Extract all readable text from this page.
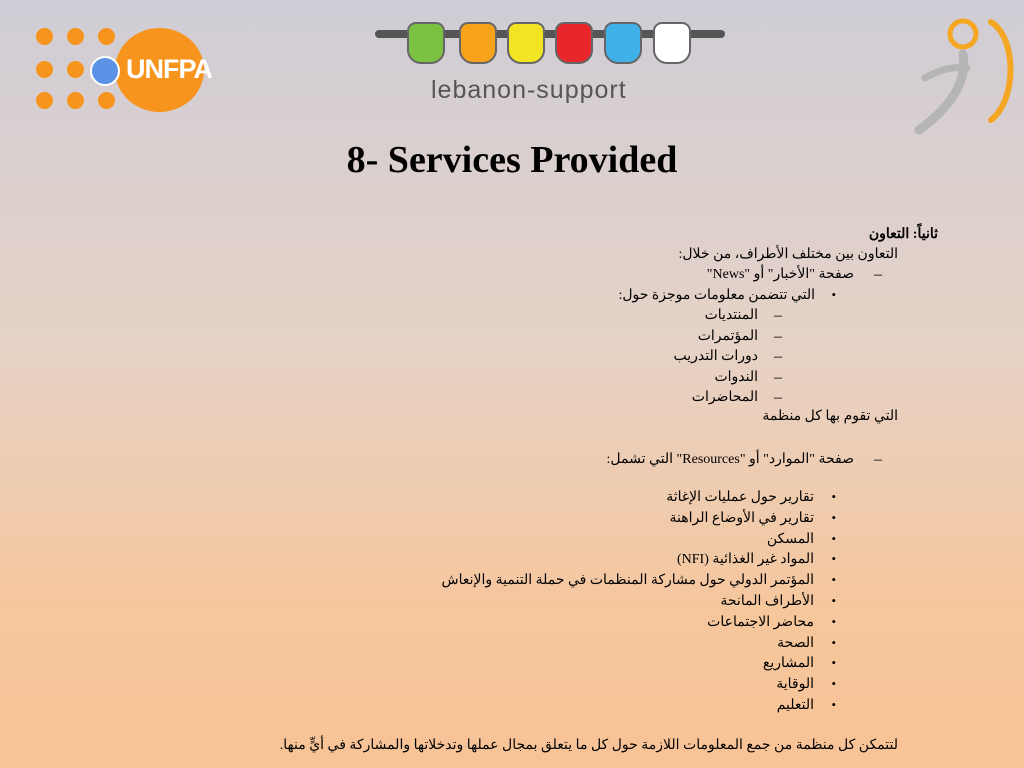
UNFPA
lebanon-support
8- Services Provided
ثانياً: التعاون
التعاون بين مختلف الأطراف، من خلال:
–
صفحة "الأخبار" أو "News"
•
التي تتضمن معلومات موجزة حول:
–
المنتديات
–
المؤتمرات
–
دورات التدريب
–
الندوات
–
المحاضرات
التي تقوم بها كل منظمة
–
صفحة "الموارد" أو "Resources" التي تشمل:
•
تقارير حول عمليات الإغاثة
•
تقارير في الأوضاع الراهنة
•
المسكن
•
المواد غير الغذائية (NFI)
•
المؤتمر الدولي حول مشاركة المنظمات في حملة التنمية والإنعاش
•
الأطراف المانحة
•
محاضر الاجتماعات
•
الصحة
•
المشاريع
•
الوقاية
•
التعليم
لتتمكن كل منظمة من جمع المعلومات اللازمة حول كل ما يتعلق بمجال عملها وتدخلاتها والمشاركة في أيٍّ منها.
